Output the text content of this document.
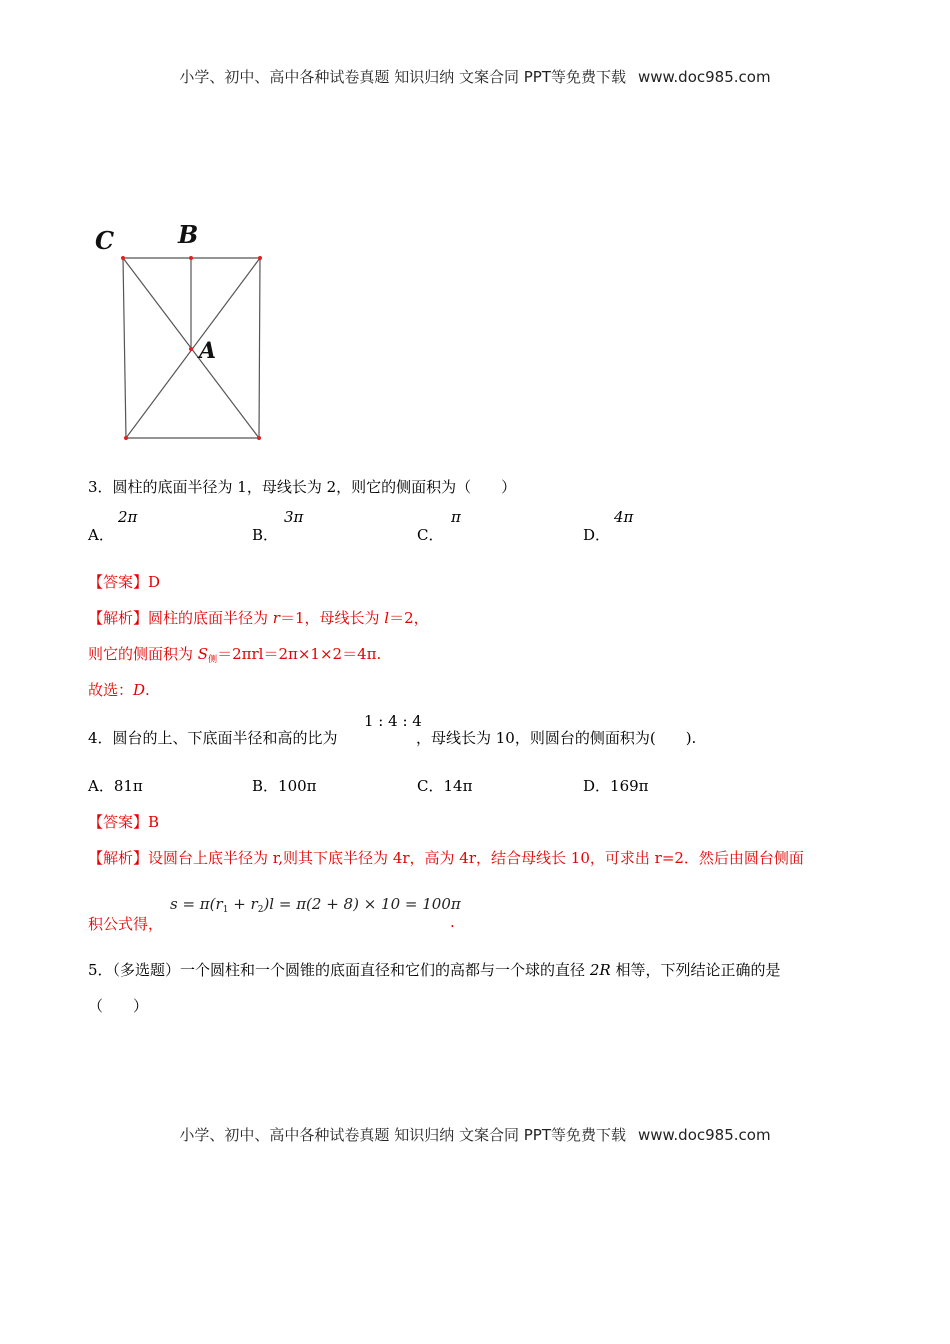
小学、初中、高中各种试卷真题 知识归纳 文案合同 PPT等免费下载 www.doc985.com
C	B
A
3．圆柱的底面半径为 1，母线长为 2，则它的侧面积为（　　）
A．
2π
B．
3π
C．
π
D．
4π
【答案】D
【解析】圆柱的底面半径为 r＝1，母线长为 l＝2，
则它的侧面积为 $S_侧=2\pi rl=2\pi\times 1\times 2=4\pi$.
故选：D.
4．圆台的上、下底面半径和高的比为
1 : 4 : 4
，母线长为 10，则圆台的侧面积为(　　).
A．81π	B．100π	C．14π	D．169π
【答案】B
【解析】设圆台上底半径为 r,则其下底半径为 4r，高为 4r，结合母线长 10，可求出 r=2．然后由圆台侧面
积公式得，
$s = \pi(r_1 + r_2)l = \pi(2 + 8) \times 10 = 100\pi$
.
5．（多选题）一个圆柱和一个圆锥的底面直径和它们的高都与一个球的直径 2R 相等，下列结论正确的是
（　　）
小学、初中、高中各种试卷真题 知识归纳 文案合同 PPT等免费下载 www.doc985.com
